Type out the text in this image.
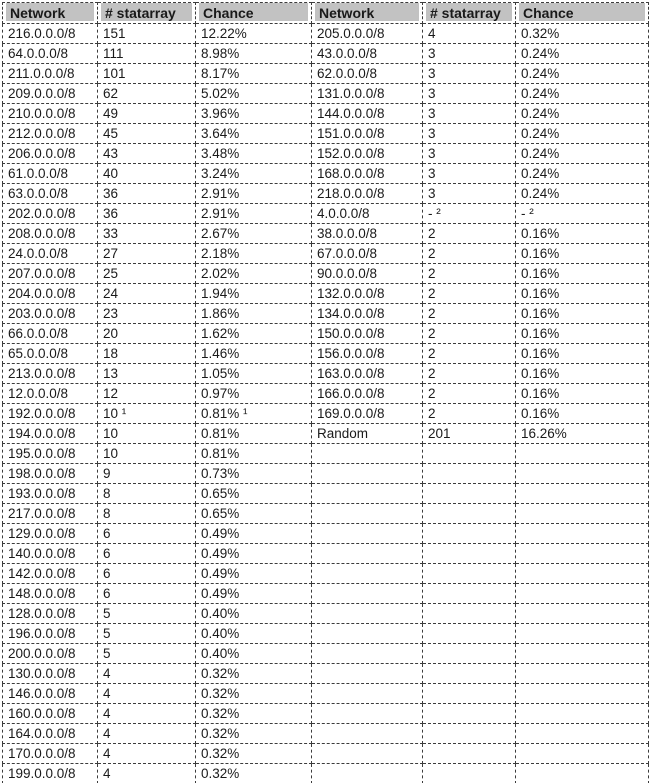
Network	# statarray	Chance	Network	# statarray	Chance
216.0.0.0/8	151	12.22%	205.0.0.0/8	4	0.32%
64.0.0.0/8	111	8.98%	43.0.0.0/8	3	0.24%
211.0.0.0/8	101	8.17%	62.0.0.0/8	3	0.24%
209.0.0.0/8	62	5.02%	131.0.0.0/8	3	0.24%
210.0.0.0/8	49	3.96%	144.0.0.0/8	3	0.24%
212.0.0.0/8	45	3.64%	151.0.0.0/8	3	0.24%
206.0.0.0/8	43	3.48%	152.0.0.0/8	3	0.24%
61.0.0.0/8	40	3.24%	168.0.0.0/8	3	0.24%
63.0.0.0/8	36	2.91%	218.0.0.0/8	3	0.24%
202.0.0.0/8	36	2.91%	4.0.0.0/8	- ²	- ²
208.0.0.0/8	33	2.67%	38.0.0.0/8	2	0.16%
24.0.0.0/8	27	2.18%	67.0.0.0/8	2	0.16%
207.0.0.0/8	25	2.02%	90.0.0.0/8	2	0.16%
204.0.0.0/8	24	1.94%	132.0.0.0/8	2	0.16%
203.0.0.0/8	23	1.86%	134.0.0.0/8	2	0.16%
66.0.0.0/8	20	1.62%	150.0.0.0/8	2	0.16%
65.0.0.0/8	18	1.46%	156.0.0.0/8	2	0.16%
213.0.0.0/8	13	1.05%	163.0.0.0/8	2	0.16%
12.0.0.0/8	12	0.97%	166.0.0.0/8	2	0.16%
192.0.0.0/8	10 ¹	0.81% ¹	169.0.0.0/8	2	0.16%
194.0.0.0/8	10	0.81%	Random	201	16.26%
195.0.0.0/8	10	0.81%			
198.0.0.0/8	9	0.73%			
193.0.0.0/8	8	0.65%			
217.0.0.0/8	8	0.65%			
129.0.0.0/8	6	0.49%			
140.0.0.0/8	6	0.49%			
142.0.0.0/8	6	0.49%			
148.0.0.0/8	6	0.49%			
128.0.0.0/8	5	0.40%			
196.0.0.0/8	5	0.40%			
200.0.0.0/8	5	0.40%			
130.0.0.0/8	4	0.32%			
146.0.0.0/8	4	0.32%			
160.0.0.0/8	4	0.32%			
164.0.0.0/8	4	0.32%			
170.0.0.0/8	4	0.32%			
199.0.0.0/8	4	0.32%			
